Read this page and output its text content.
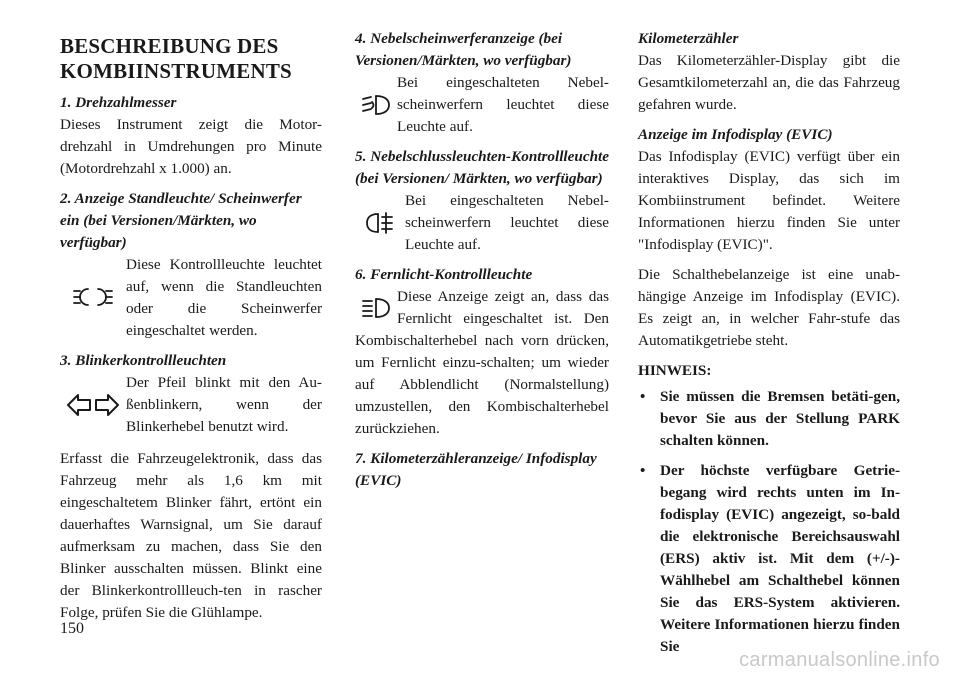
BESCHREIBUNG DES KOMBIINSTRUMENTS
1. Drehzahlmesser

Dieses Instrument zeigt die Motor-drehzahl in Umdrehungen pro Minute (Motordrehzahl x 1.000) an.

2. Anzeige Standleuchte/ Scheinwerfer ein (bei Versionen/Märkten, wo verfügbar)

Diese Kontrollleuchte leuchtet auf, wenn die Standleuchten oder die Scheinwerfer eingeschaltet werden.

3. Blinkerkontrollleuchten

Der Pfeil blinkt mit den Au-ßenblinkern, wenn der Blinkerhebel benutzt wird.

Erfasst die Fahrzeugelektronik, dass das Fahrzeug mehr als 1,6 km mit eingeschaltetem Blinker fährt, ertönt ein dauerhaftes Warnsignal, um Sie darauf aufmerksam zu machen, dass Sie den Blinker ausschalten müssen. Blinkt eine der Blinkerkontrollleuch-ten in rascher Folge, prüfen Sie die Glühlampe.

4. Nebelscheinwerferanzeige (bei Versionen/Märkten, wo verfügbar)

Bei eingeschalteten Nebel-scheinwerfern leuchtet diese Leuchte auf.

5. Nebelschlussleuchten-Kontrollleuchte (bei Versionen/ Märkten, wo verfügbar)

Bei eingeschalteten Nebel-scheinwerfern leuchtet diese Leuchte auf.

6. Fernlicht-Kontrollleuchte

Diese Anzeige zeigt an, dass das Fernlicht eingeschaltet ist. Den Kombischalterhebel nach vorn drücken, um Fernlicht einzu-schalten; um wieder auf Abblendlicht (Normalstellung) umzustellen, den Kombischalterhebel zurückziehen.

7. Kilometerzähleranzeige/ Infodisplay (EVIC)
Kilometerzähler

Das Kilometerzähler-Display gibt die Gesamtkilometerzahl an, die das Fahrzeug gefahren wurde.

Anzeige im Infodisplay (EVIC)

Das Infodisplay (EVIC) verfügt über ein interaktives Display, das sich im Kombiinstrument befindet. Weitere Informationen hierzu finden Sie unter "Infodisplay (EVIC)".

Die Schalthebelanzeige ist eine unab-hängige Anzeige im Infodisplay (EVIC). Es zeigt an, in welcher Fahr-stufe das Automatikgetriebe steht.

HINWEIS:
• Sie müssen die Bremsen betäti-gen, bevor Sie aus der Stellung PARK schalten können.
• Der höchste verfügbare Getrie-begang wird rechts unten im In-fodisplay (EVIC) angezeigt, so-bald die elektronische Bereichsauswahl (ERS) aktiv ist. Mit dem (+/-)-Wählhebel am Schalthebel können Sie das ERS-System aktivieren. Weitere Informationen hierzu finden Sie
150
carmanualsonline.info
